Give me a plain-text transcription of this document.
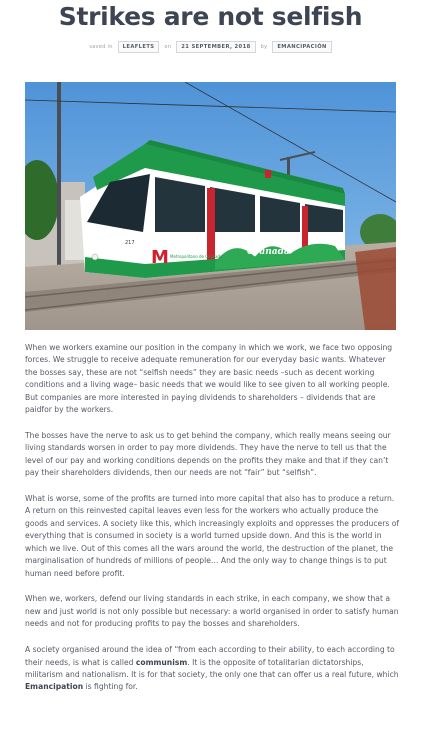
Strikes are not selfish
saved in	LEAFLETS	on	21 SEPTEMBER, 2018	by	EMANCIPACIÓN
M Metropolitano de Granada	Granada
217

When we workers examine our position in the company in which we work, we face two opposing forces. We struggle to receive adequate remuneration for our everyday basic wants. Whatever the bosses say, these are not “selfish needs” they are basic needs –such as decent working conditions and a living wage– basic needs that we would like to see given to all working people. But companies are more interested in paying dividends to shareholders – dividends that are paidfor by the workers.

The bosses have the nerve to ask us to get behind the company, which really means seeing our living standards worsen in order to pay more dividends. They have the nerve to tell us that the level of our pay and working conditions depends on the profits they make and that if they can’t pay their shareholders dividends, then our needs are not “fair” but “selfish”.

What is worse, some of the profits are turned into more capital that also has to produce a return. A return on this reinvested capital leaves even less for the workers who actually produce the goods and services. A society like this, which increasingly exploits and oppresses the producers of everything that is consumed in society is a world turned upside down. And this is the world in which we live. Out of this comes all the wars around the world, the destruction of the planet, the marginalisation of hundreds of millions of people… And the only way to change things is to put human need before profit.

When we, workers, defend our living standards in each strike, in each company, we show that a new and just world is not only possible but necessary: a world organised in order to satisfy human needs and not for producing profits to pay the bosses and shareholders.

A society organised around the idea of “from each according to their ability, to each according to their needs, is what is called communism. It is the opposite of totalitarian dictatorships, militarism and nationalism. It is for that society, the only one that can offer us a real future, which Emancipation is fighting for.
